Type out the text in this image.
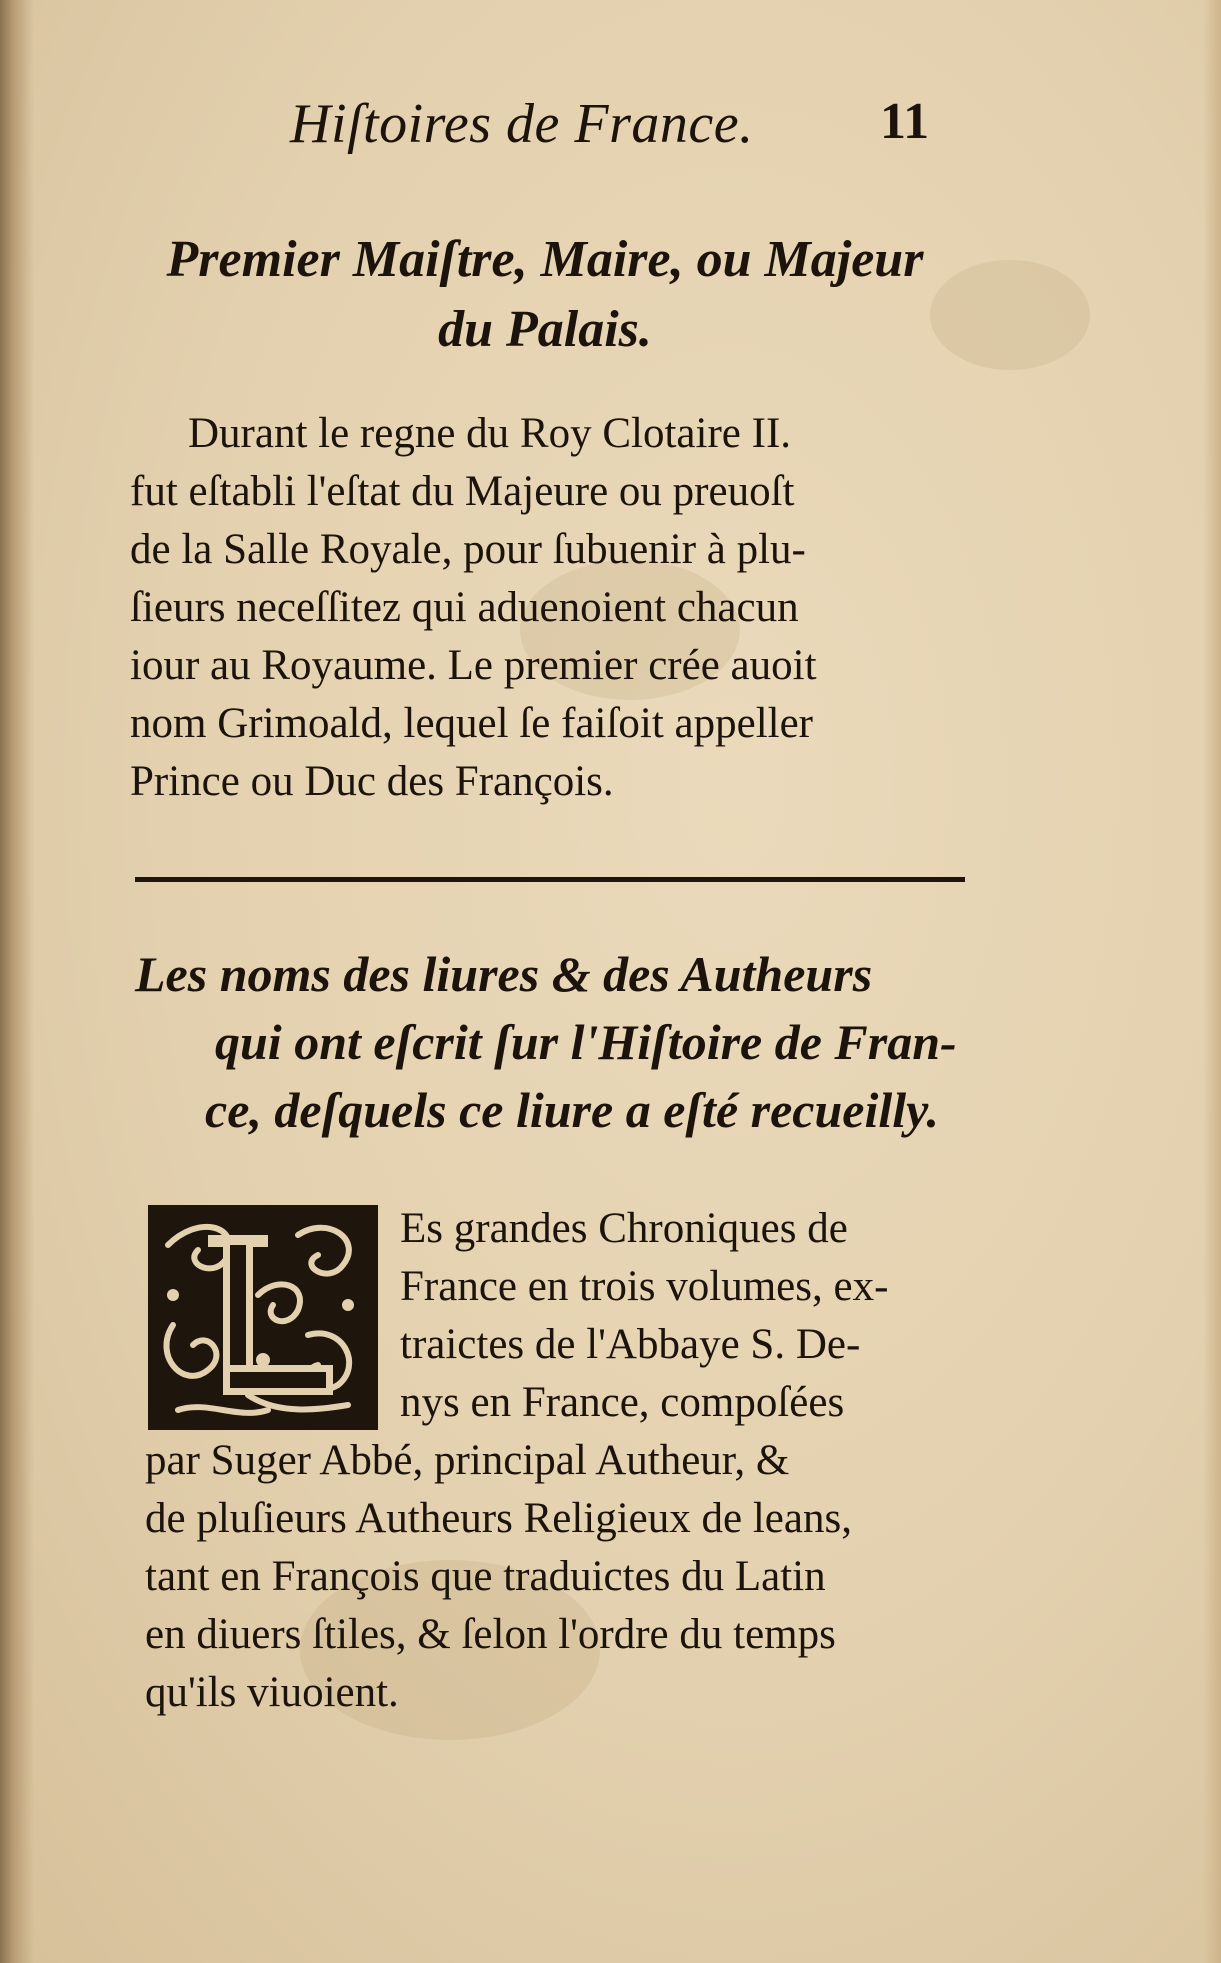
Hiſtoires de France. 11
Premier Maiſtre, Maire, ou Majeur
du Palais.
Durant le regne du Roy Clotaire II.
fut eſtabli l'eſtat du Majeure ou preuoſt
de la Salle Royale, pour ſubuenir à plu-
ſieurs neceſſitez qui aduenoient chacun
iour au Royaume. Le premier crée auoit
nom Grimoald, lequel ſe faiſoit appeller
Prince ou Duc des François.
Les noms des liures & des Autheurs
qui ont eſcrit ſur l'Hiſtoire de Fran-
ce, deſquels ce liure a eſté recueilly.
Es grandes Chroniques de
France en trois volumes, ex-
traictes de l'Abbaye S. De-
nys en France, compoſées
par Suger Abbé, principal Autheur, &
de pluſieurs Autheurs Religieux de leans,
tant en François que traduictes du Latin
en diuers ſtiles, & ſelon l'ordre du temps
qu'ils viuoient.
